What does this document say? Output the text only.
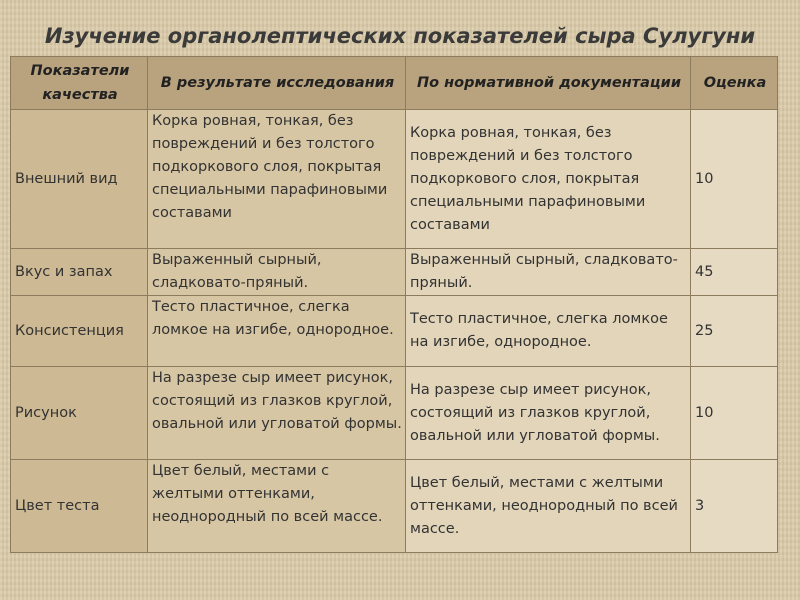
Изучение органолептических показателей сыра Сулугуни
Показатели качества	В результате исследования	По нормативной документации	Оценка
Внешний вид	Корка ровная, тонкая, без повреждений и без толстого подкоркового слоя, покрытая специальными парафиновыми составами	Корка ровная, тонкая, без повреждений и без толстого подкоркового слоя, покрытая специальными парафиновыми составами	10
Вкус и запах	Выраженный сырный, сладковато-пряный.	Выраженный сырный, сладковато-пряный.	45
Консистенция	Тесто пластичное, слегка ломкое на изгибе, однородное.	Тесто пластичное, слегка ломкое на изгибе, однородное.	25
Рисунок	На разрезе сыр имеет рисунок, состоящий из глазков круглой, овальной или угловатой формы.	На разрезе сыр имеет рисунок, состоящий из глазков круглой, овальной или угловатой формы.	10
Цвет теста	Цвет белый, местами с желтыми оттенками, неоднородный по всей массе.	Цвет белый, местами с желтыми оттенками, неоднородный по всей массе.	3
